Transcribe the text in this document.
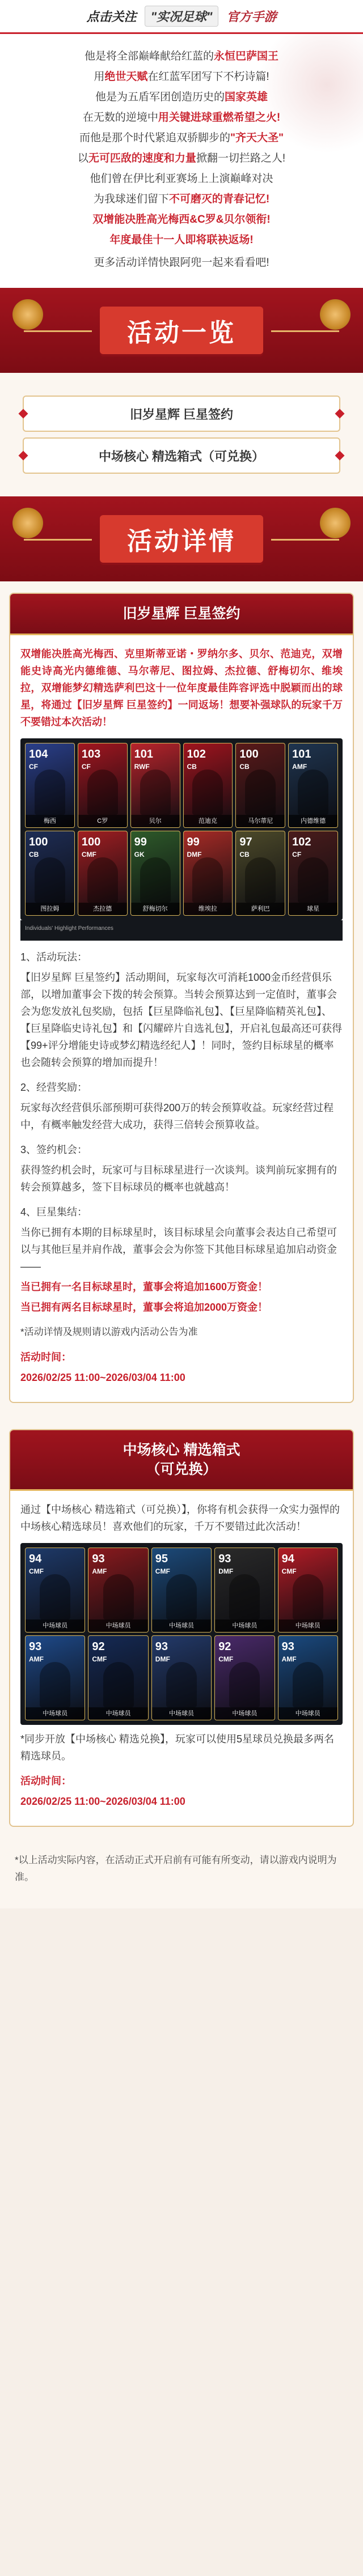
点击关注	"实况足球"	官方手游

他是将全部巅峰献给红蓝的永恒巴萨国王

用绝世天赋在红蓝军团写下不朽诗篇!

他是为五盾军团创造历史的国家英雄

在无数的逆境中用关键进球重燃希望之火!

而他是那个时代紧追双骄脚步的"齐天大圣"

以无可匹敌的速度和力量掀翻一切拦路之人!

他们曾在伊比利亚赛场上上演巅峰对决

为我球迷们留下不可磨灭的青春记忆!

双增能决胜高光梅西&C罗&贝尔领衔!

年度最佳十一人即将联袂返场!

更多活动详情快跟阿兜一起来看看吧!

活动一览
旧岁星辉 巨星签约
中场核心 精选箱式（可兑换）
活动详情
旧岁星辉 巨星签约

双增能决胜高光梅西、克里斯蒂亚诺・罗纳尔多、贝尔、范迪克，双增能史诗高光内德维德、马尔蒂尼、图拉姆、杰拉德、舒梅切尔、维埃拉，双增能梦幻精选萨利巴这十一位年度最佳阵容评选中脱颖而出的球星，将通过【旧岁星辉 巨星签约】一同返场！想要补强球队的玩家千万不要错过本次活动！

104
CF
梅西
103
CF
C罗
101
RWF
贝尔
102
CB
范迪克
100
CB
马尔蒂尼
101
AMF
内德维德
100
CB
图拉姆
100
CMF
杰拉德
99
GK
舒梅切尔
99
DMF
维埃拉
97
CB
萨利巴
102
CF
球星
Individuals' Highlight Performances

1、活动玩法：

【旧岁星辉 巨星签约】活动期间，玩家每次可消耗1000金币经营俱乐部，以增加董事会下拨的转会预算。当转会预算达到一定值时，董事会会为您发放礼包奖励，包括【巨星降临礼包】、【巨星降临精英礼包】、【巨星降临史诗礼包】和【闪耀碎片自选礼包】，开启礼包最高还可获得【99+评分增能史诗或梦幻精选经纪人】！同时，签约目标球星的概率也会随转会预算的增加而提升！

2、经营奖励：

玩家每次经营俱乐部预期可获得200万的转会预算收益。玩家经营过程中，有概率触发经营大成功，获得三倍转会预算收益。

3、签约机会：

获得签约机会时，玩家可与目标球星进行一次谈判。谈判前玩家拥有的转会预算越多，签下目标球员的概率也就越高！

4、巨星集结：

当你已拥有本期的目标球星时，该目标球星会向董事会表达自己希望可以与其他巨星并肩作战，董事会会为你签下其他目标球星追加启动资金——

当已拥有一名目标球星时，董事会将追加1600万资金！

当已拥有两名目标球星时，董事会将追加2000万资金！

*活动详情及规则请以游戏内活动公告为准

活动时间：

2026/02/25 11:00~2026/03/04 11:00

中场核心 精选箱式
（可兑换）

通过【中场核心 精选箱式（可兑换）】，你将有机会获得一众实力强悍的中场核心精选球员！喜欢他们的玩家，千万不要错过此次活动！

94
CMF
中场球员
93
AMF
中场球员
95
CMF
中场球员
93
DMF
中场球员
94
CMF
中场球员
93
AMF
中场球员
92
CMF
中场球员
93
DMF
中场球员
92
CMF
中场球员
93
AMF
中场球员

*同步开放【中场核心 精选兑换】，玩家可以使用5星球员兑换最多两名精选球员。

活动时间：

2026/02/25 11:00~2026/03/04 11:00

*以上活动实际内容，在活动正式开启前有可能有所变动，请以游戏内说明为准。
